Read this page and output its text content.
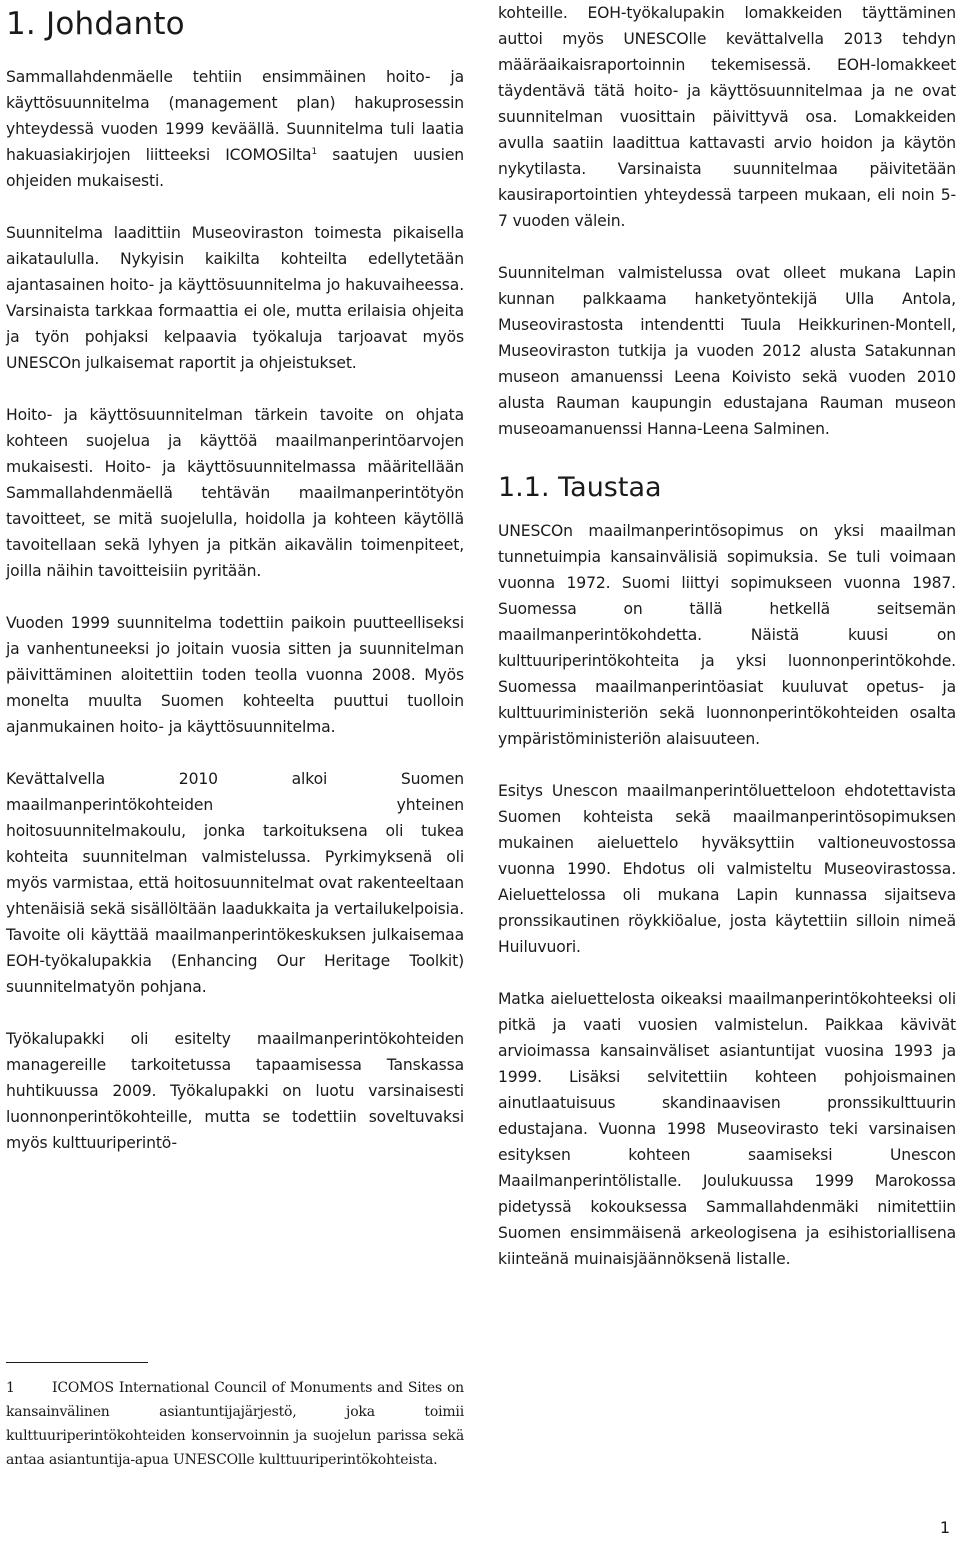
1. Johdanto

Sammallahdenmäelle tehtiin ensimmäinen hoito- ja käyttösuunnitelma (management plan) hakuprosessin yhteydessä vuoden 1999 keväällä. Suunnitelma tuli laatia hakuasiakirjojen liitteeksi ICOMOSilta$^1$ saatujen uusien ohjeiden mukaisesti.

Suunnitelma laadittiin Museoviraston toimesta pikaisella aikataululla. Nykyisin kaikilta kohteilta edellytetään ajantasainen hoito- ja käyttösuunnitelma jo hakuvaiheessa. Varsinaista tarkkaa formaattia ei ole, mutta erilaisia ohjeita ja työn pohjaksi kelpaavia työkaluja tarjoavat myös UNESCOn julkaisemat raportit ja ohjeistukset.

Hoito- ja käyttösuunnitelman tärkein tavoite on ohjata kohteen suojelua ja käyttöä maailmanperintöarvojen mukaisesti. Hoito- ja käyttösuunnitelmassa määritellään Sammallahdenmäellä tehtävän maailmanperintötyön tavoitteet, se mitä suojelulla, hoidolla ja kohteen käytöllä tavoitellaan sekä lyhyen ja pitkän aikavälin toimenpiteet, joilla näihin tavoitteisiin pyritään.

Vuoden 1999 suunnitelma todettiin paikoin puutteelliseksi ja vanhentuneeksi jo joitain vuosia sitten ja suunnitelman päivittäminen aloitettiin toden teolla vuonna 2008. Myös monelta muulta Suomen kohteelta puuttui tuolloin ajanmukainen hoito- ja käyttösuunnitelma.

Kevättalvella 2010 alkoi Suomen maailmanperintökohteiden yhteinen hoitosuunnitelmakoulu, jonka tarkoituksena oli tukea kohteita suunnitelman valmistelussa. Pyrkimyksenä oli myös varmistaa, että hoitosuunnitelmat ovat rakenteeltaan yhtenäisiä sekä sisällöltään laadukkaita ja vertailukelpoisia. Tavoite oli käyttää maailmanperintökeskuksen julkaisemaa EOH-työkalupakkia (Enhancing Our Heritage Toolkit) suunnitelmatyön pohjana.

Työkalupakki oli esitelty maailmanperintökohteiden managereille tarkoitetussa tapaamisessa Tanskassa huhtikuussa 2009. Työkalupakki on luotu varsinaisesti luonnonperintökohteille, mutta se todettiin soveltuvaksi myös kulttuuriperintö-

kohteille. EOH-työkalupakin lomakkeiden täyttäminen auttoi myös UNESCOlle kevättalvella 2013 tehdyn määräaikaisraportoinnin tekemisessä. EOH-lomakkeet täydentävä tätä hoito- ja käyttösuunnitelmaa ja ne ovat suunnitelman vuosittain päivittyvä osa. Lomakkeiden avulla saatiin laadittua kattavasti arvio hoidon ja käytön nykytilasta. Varsinaista suunnitelmaa päivitetään kausiraportointien yhteydessä tarpeen mukaan, eli noin 5-7 vuoden välein.

Suunnitelman valmistelussa ovat olleet mukana Lapin kunnan palkkaama hanketyöntekijä Ulla Antola, Museovirastosta intendentti Tuula Heikkurinen-Montell, Museoviraston tutkija ja vuoden 2012 alusta Satakunnan museon amanuenssi Leena Koivisto sekä vuoden 2010 alusta Rauman kaupungin edustajana Rauman museon museoamanuenssi Hanna-Leena Salminen.

1.1. Taustaa

UNESCOn maailmanperintösopimus on yksi maailman tunnetuimpia kansainvälisiä sopimuksia. Se tuli voimaan vuonna 1972. Suomi liittyi sopimukseen vuonna 1987. Suomessa on tällä hetkellä seitsemän maailmanperintökohdetta. Näistä kuusi on kulttuuriperintökohteita ja yksi luonnonperintökohde. Suomessa maailmanperintöasiat kuuluvat opetus- ja kulttuuriministeriön sekä luonnonperintökohteiden osalta ympäristöministeriön alaisuuteen.

Esitys Unescon maailmanperintöluetteloon ehdotettavista Suomen kohteista sekä maailmanperintösopimuksen mukainen aieluettelo hyväksyttiin valtioneuvostossa vuonna 1990. Ehdotus oli valmisteltu Museovirastossa. Aieluettelossa oli mukana Lapin kunnassa sijaitseva pronssikautinen röykkiöalue, josta käytettiin silloin nimeä Huiluvuori.

Matka aieluettelosta oikeaksi maailmanperintökohteeksi oli pitkä ja vaati vuosien valmistelun. Paikkaa kävivät arvioimassa kansainväliset asiantuntijat vuosina 1993 ja 1999. Lisäksi selvitettiin kohteen pohjoismainen ainutlaatuisuus skandinaavisen pronssikulttuurin edustajana. Vuonna 1998 Museovirasto teki varsinaisen esityksen kohteen saamiseksi Unescon Maailmanperintölistalle. Joulukuussa 1999 Marokossa pidetyssä kokouksessa Sammallahdenmäki nimitettiin Suomen ensimmäisenä arkeologisena ja esihistoriallisena kiinteänä muinaisjäännöksenä listalle.

1	ICOMOS International Council of Monuments and Sites on kansainvälinen asiantuntijajärjestö, joka toimii kulttuuriperintökohteiden konservoinnin ja suojelun parissa sekä antaa asiantuntija-apua UNESCOlle kulttuuriperintökohteista.

1
